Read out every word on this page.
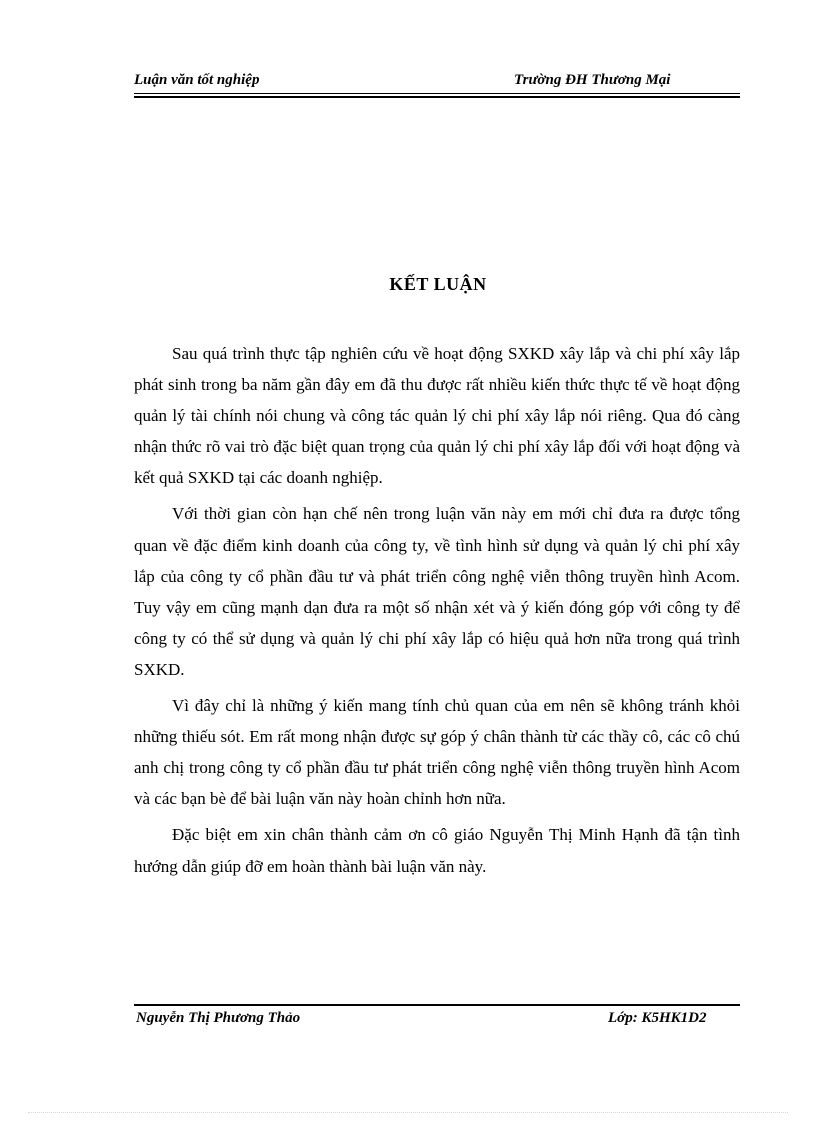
Luận văn tốt nghiệp	Trường ĐH Thương Mại
KẾT LUẬN

Sau quá trình thực tập nghiên cứu về hoạt động SXKD xây lắp và chi phí xây lắp phát sinh trong ba năm gần đây em đã thu được rất nhiều kiến thức thực tế về hoạt động quản lý tài chính nói chung và công tác quản lý chi phí xây lắp nói riêng. Qua đó càng nhận thức rõ vai trò đặc biệt quan trọng của quản lý chi phí xây lắp đối với hoạt động và kết quả SXKD tại các doanh nghiệp.

Với thời gian còn hạn chế nên trong luận văn này em mới chỉ đưa ra được tổng quan về đặc điểm kinh doanh của công ty, về tình hình sử dụng và quản lý chi phí xây lắp của công ty cổ phần đầu tư và phát triển công nghệ viễn thông truyền hình Acom. Tuy vậy em cũng mạnh dạn đưa ra một số nhận xét và ý kiến đóng góp với công ty để công ty có thể sử dụng và quản lý chi phí xây lắp có hiệu quả hơn nữa trong quá trình SXKD.

Vì đây chỉ là những ý kiến mang tính chủ quan của em nên sẽ không tránh khỏi những thiếu sót. Em rất mong nhận được sự góp ý chân thành từ các thầy cô, các cô chú anh chị trong công ty cổ phần đầu tư phát triển công nghệ viễn thông truyền hình Acom và các bạn bè để bài luận văn này hoàn chỉnh hơn nữa.

Đặc biệt em xin chân thành cảm ơn cô giáo Nguyễn Thị Minh Hạnh đã tận tình hướng dẫn giúp đỡ em hoàn thành bài luận văn này.

Nguyễn Thị Phương Thảo	Lớp: K5HK1D2
